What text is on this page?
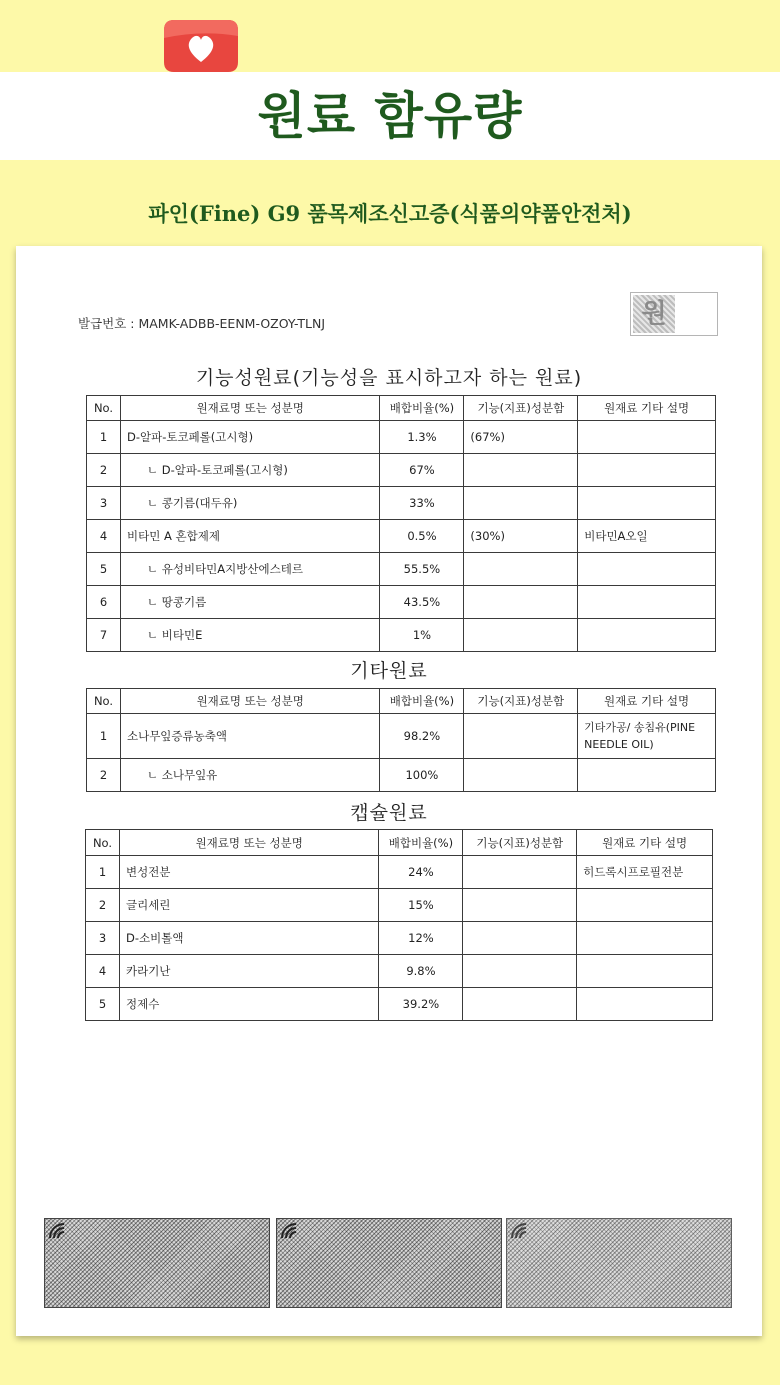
원료 함유량
파인(Fine) G9 품목제조신고증(식품의약품안전처)
발급번호 : MAMK-ADBB-EENM-OZOY-TLNJ	원
기능성원료(기능성을 표시하고자 하는 원료)
No.	원재료명 또는 성분명	배합비율(%)	기능(지표)성분함	원재료 기타 설명
1	D-알파-토코페롤(고시형)	1.3%	(67%)	
2	ㄴ D-알파-토코페롤(고시형)	67%		
3	ㄴ 콩기름(대두유)	33%		
4	비타민 A 혼합제제	0.5%	(30%)	비타민A오일
5	ㄴ 유성비타민A지방산에스테르	55.5%		
6	ㄴ 땅콩기름	43.5%		
7	ㄴ 비타민E	1%		
기타원료
No.	원재료명 또는 성분명	배합비율(%)	기능(지표)성분함	원재료 기타 설명
1	소나무잎증류농축액	98.2%		기타가공/ 송침유(PINE NEEDLE OIL)
2	ㄴ 소나무잎유	100%		
캡슐원료
No.	원재료명 또는 성분명	배합비율(%)	기능(지표)성분함	원재료 기타 설명
1	변성전분	24%		히드록시프로필전분
2	글리세린	15%		
3	D-소비톨액	12%		
4	카라기난	9.8%		
5	정제수	39.2%		
